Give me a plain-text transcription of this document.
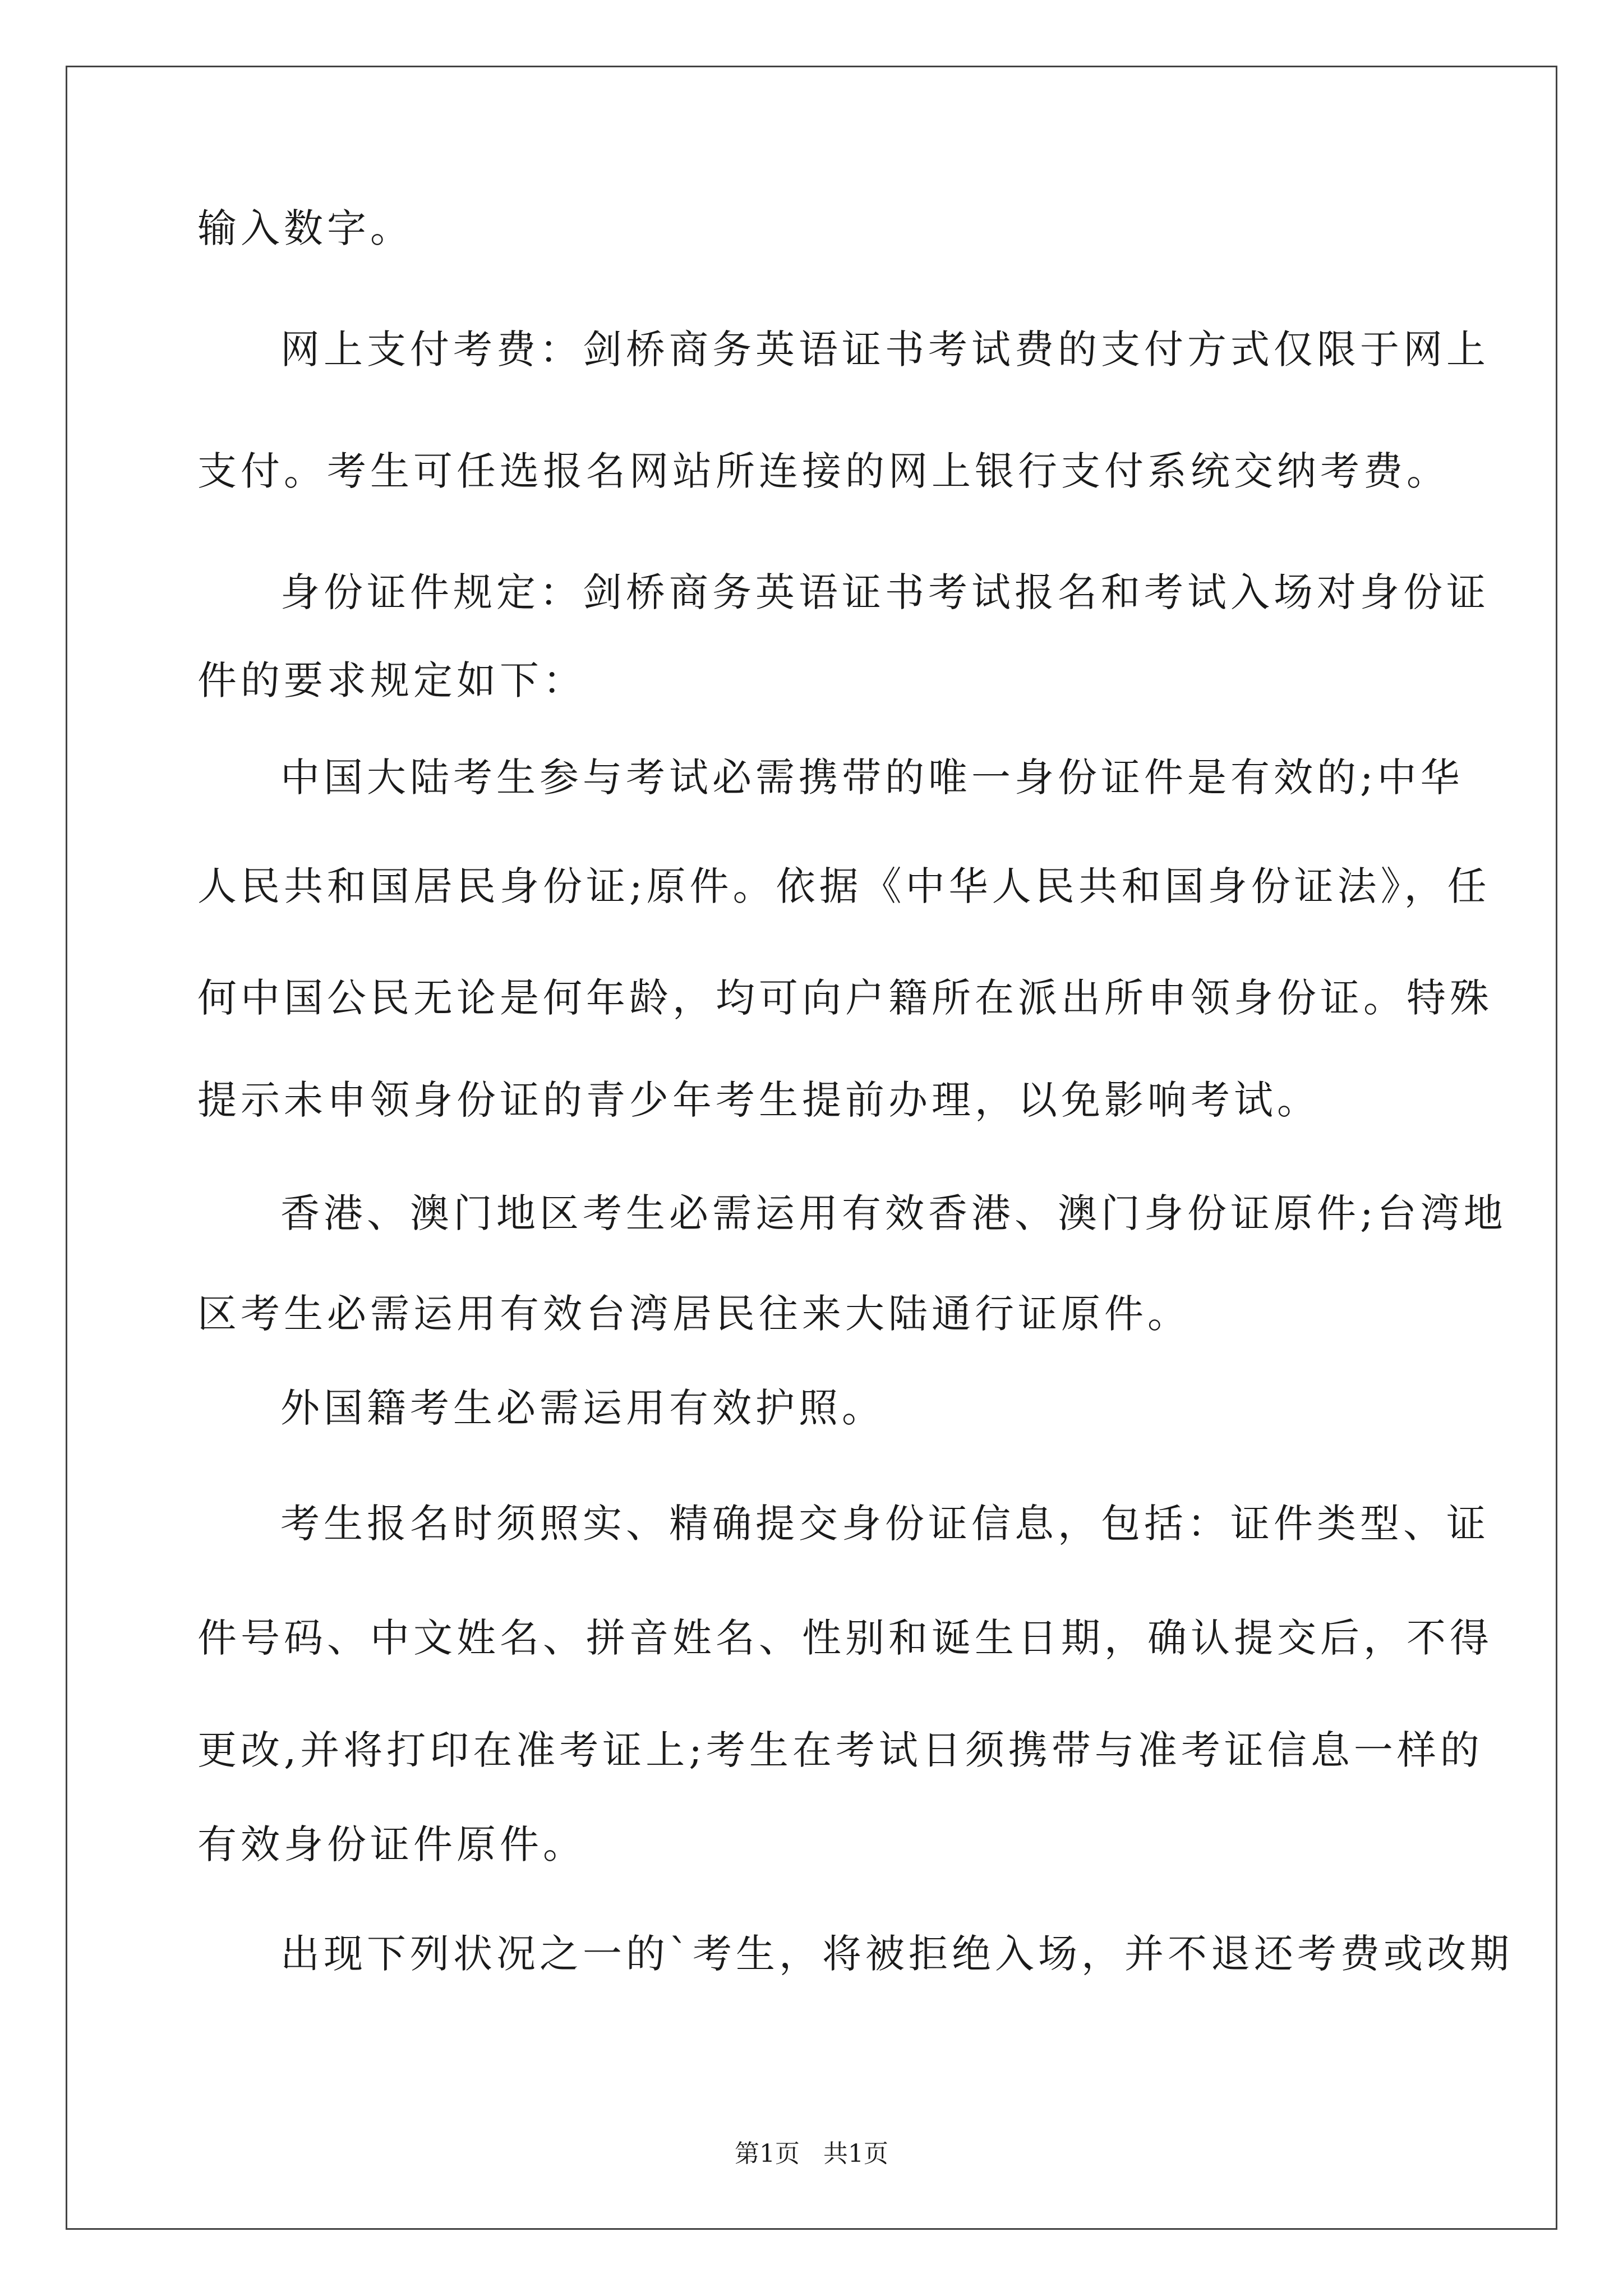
输入数字。
网上支付考费：剑桥商务英语证书考试费的支付方式仅限于网上
支付。考生可任选报名网站所连接的网上银行支付系统交纳考费。
身份证件规定：剑桥商务英语证书考试报名和考试入场对身份证
件的要求规定如下：
中国大陆考生参与考试必需携带的唯一身份证件是有效的;中华
人民共和国居民身份证;原件。依据《中华人民共和国身份证法》，任
何中国公民无论是何年龄，均可向户籍所在派出所申领身份证。特殊
提示未申领身份证的青少年考生提前办理，以免影响考试。
香港、澳门地区考生必需运用有效香港、澳门身份证原件;台湾地
区考生必需运用有效台湾居民往来大陆通行证原件。
外国籍考生必需运用有效护照。
考生报名时须照实、精确提交身份证信息，包括：证件类型、证
件号码、中文姓名、拼音姓名、性别和诞生日期，确认提交后，不得
更改,并将打印在准考证上;考生在考试日须携带与准考证信息一样的
有效身份证件原件。
出现下列状况之一的`考生，将被拒绝入场，并不退还考费或改期
第1页   共1页
